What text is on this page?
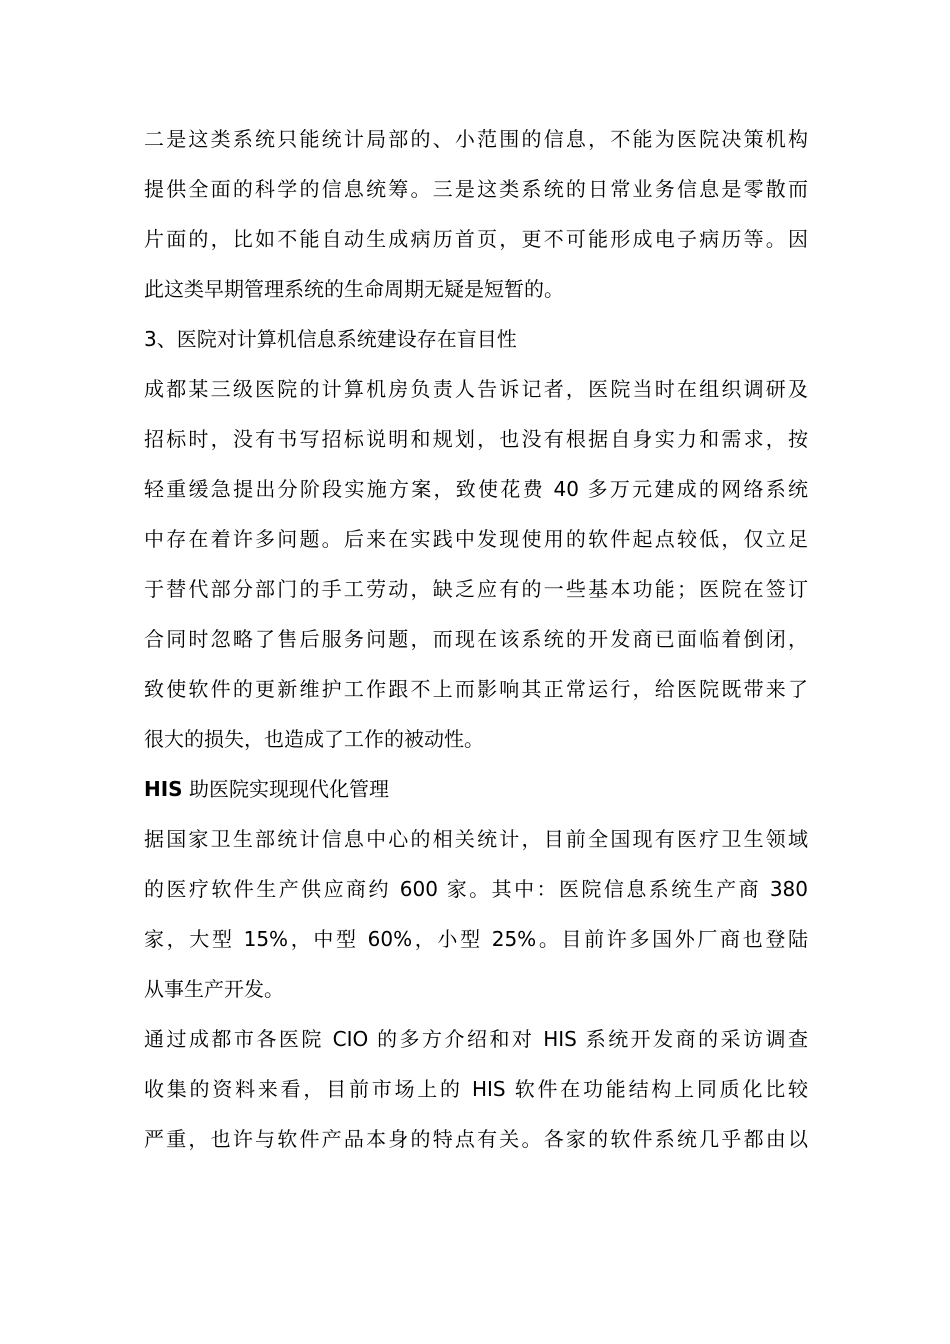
二是这类系统只能统计局部的、小范围的信息，不能为医院决策机构
提供全面的科学的信息统筹。三是这类系统的日常业务信息是零散而
片面的，比如不能自动生成病历首页，更不可能形成电子病历等。因
此这类早期管理系统的生命周期无疑是短暂的。
3、医院对计算机信息系统建设存在盲目性
成都某三级医院的计算机房负责人告诉记者，医院当时在组织调研及
招标时，没有书写招标说明和规划，也没有根据自身实力和需求，按
轻重缓急提出分阶段实施方案，致使花费 40 多万元建成的网络系统
中存在着许多问题。后来在实践中发现使用的软件起点较低，仅立足
于替代部分部门的手工劳动，缺乏应有的一些基本功能；医院在签订
合同时忽略了售后服务问题，而现在该系统的开发商已面临着倒闭，
致使软件的更新维护工作跟不上而影响其正常运行，给医院既带来了
很大的损失，也造成了工作的被动性。
HIS 助医院实现现代化管理
据国家卫生部统计信息中心的相关统计，目前全国现有医疗卫生领域
的医疗软件生产供应商约 600 家。其中：医院信息系统生产商 380
家，大型 15%，中型 60%，小型 25%。目前许多国外厂商也登陆
从事生产开发。
通过成都市各医院 CIO 的多方介绍和对 HIS 系统开发商的采访调查
收集的资料来看，目前市场上的 HIS 软件在功能结构上同质化比较
严重，也许与软件产品本身的特点有关。各家的软件系统几乎都由以
